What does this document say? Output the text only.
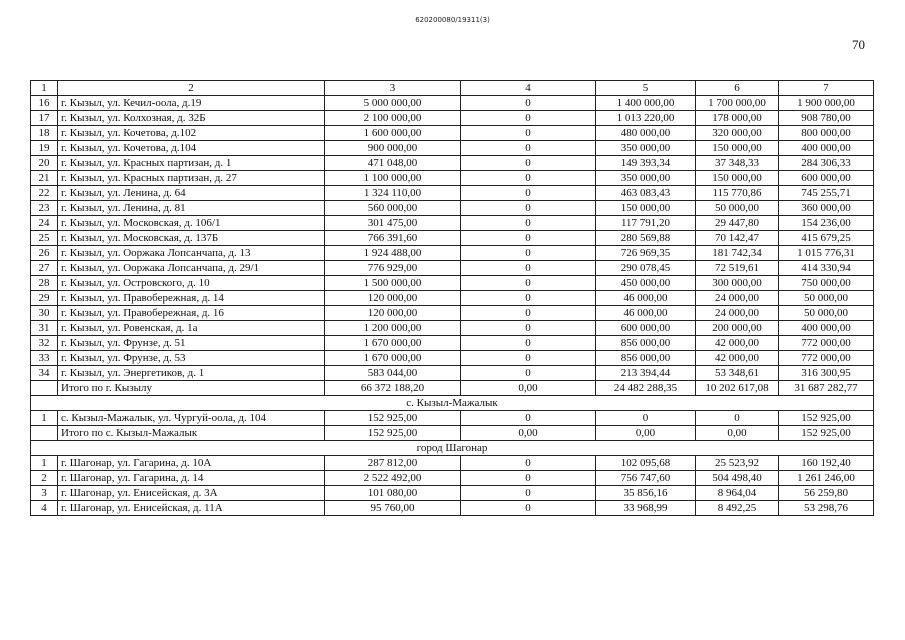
620200080/19311(3)
70
1	2	3	4	5	6	7
16	г. Кызыл, ул. Кечил-оола, д.19	5 000 000,00	0	1 400 000,00	1 700 000,00	1 900 000,00
17	г. Кызыл, ул. Колхозная, д. 32Б	2 100 000,00	0	1 013 220,00	178 000,00	908 780,00
18	г. Кызыл, ул. Кочетова, д.102	1 600 000,00	0	480 000,00	320 000,00	800 000,00
19	г. Кызыл, ул. Кочетова, д.104	900 000,00	0	350 000,00	150 000,00	400 000,00
20	г. Кызыл, ул. Красных партизан, д. 1	471 048,00	0	149 393,34	37 348,33	284 306,33
21	г. Кызыл, ул. Красных партизан, д. 27	1 100 000,00	0	350 000,00	150 000,00	600 000,00
22	г. Кызыл, ул. Ленина, д. 64	1 324 110,00	0	463 083,43	115 770,86	745 255,71
23	г. Кызыл, ул. Ленина, д. 81	560 000,00	0	150 000,00	50 000,00	360 000,00
24	г. Кызыл, ул. Московская, д. 106/1	301 475,00	0	117 791,20	29 447,80	154 236,00
25	г. Кызыл, ул. Московская, д. 137Б	766 391,60	0	280 569,88	70 142,47	415 679,25
26	г. Кызыл, ул. Ооржака Лопсанчапа, д. 13	1 924 488,00	0	726 969,35	181 742,34	1 015 776,31
27	г. Кызыл, ул. Ооржака Лопсанчапа, д. 29/1	776 929,00	0	290 078,45	72 519,61	414 330,94
28	г. Кызыл, ул. Островского, д. 10	1 500 000,00	0	450 000,00	300 000,00	750 000,00
29	г. Кызыл, ул. Правобережная, д. 14	120 000,00	0	46 000,00	24 000,00	50 000,00
30	г. Кызыл, ул. Правобережная, д. 16	120 000,00	0	46 000,00	24 000,00	50 000,00
31	г. Кызыл, ул. Ровенская, д. 1а	1 200 000,00	0	600 000,00	200 000,00	400 000,00
32	г. Кызыл, ул. Фрунзе, д. 51	1 670 000,00	0	856 000,00	42 000,00	772 000,00
33	г. Кызыл, ул. Фрунзе, д. 53	1 670 000,00	0	856 000,00	42 000,00	772 000,00
34	г. Кызыл, ул. Энергетиков, д. 1	583 044,00	0	213 394,44	53 348,61	316 300,95
	Итого по г. Кызылу	66 372 188,20	0,00	24 482 288,35	10 202 617,08	31 687 282,77
с. Кызыл-Мажалык						
1	с. Кызыл-Мажалык, ул. Чургуй-оола, д. 104	152 925,00	0	0	0	152 925,00
	Итого по с. Кызыл-Мажалык	152 925,00	0,00	0,00	0,00	152 925,00
город Шагонар						
1	г. Шагонар, ул. Гагарина, д. 10А	287 812,00	0	102 095,68	25 523,92	160 192,40
2	г. Шагонар, ул. Гагарина, д. 14	2 522 492,00	0	756 747,60	504 498,40	1 261 246,00
3	г. Шагонар, ул. Енисейская, д. 3А	101 080,00	0	35 856,16	8 964,04	56 259,80
4	г. Шагонар, ул. Енисейская, д. 11А	95 760,00	0	33 968,99	8 492,25	53 298,76
